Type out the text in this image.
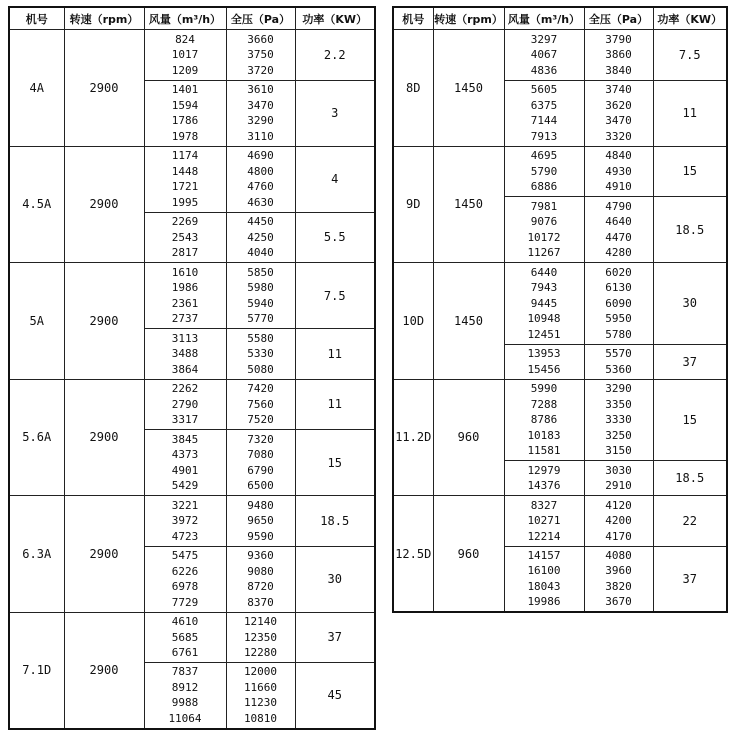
机号	转速（rpm）	风量（m³/h）	全压（Pa）	功率（KW）
4A	2900	824
1017
1209	3660
3750
3720	2.2

		1401
1594
1786
1978	3610
3470
3290
3110	3
4.5A	2900	1174
1448
1721
1995	4690
4800
4760
4630	4

		2269
2543
2817	4450
4250
4040	5.5
5A	2900	1610
1986
2361
2737	5850
5980
5940
5770	7.5

		3113
3488
3864	5580
5330
5080	11
5.6A	2900	2262
2790
3317	7420
7560
7520	11

		3845
4373
4901
5429	7320
7080
6790
6500	15
6.3A	2900	3221
3972
4723	9480
9650
9590	18.5

		5475
6226
6978
7729	9360
9080
8720
8370	30
7.1D	2900	4610
5685
6761	12140
12350
12280	37

		7837
8912
9988
11064	12000
11660
11230
10810	45
机号	转速（rpm）	风量（m³/h）	全压（Pa）	功率（KW）
8D	1450	3297
4067
4836	3790
3860
3840	7.5

		5605
6375
7144
7913	3740
3620
3470
3320	11
9D	1450	4695
5790
6886	4840
4930
4910	15

		7981
9076
10172
11267	4790
4640
4470
4280	18.5
10D	1450	6440
7943
9445
10948
12451	6020
6130
6090
5950
5780	30

		13953
15456	5570
5360	37
11.2D	960	5990
7288
8786
10183
11581	3290
3350
3330
3250
3150	15

		12979
14376	3030
2910	18.5
12.5D	960	8327
10271
12214	4120
4200
4170	22

		14157
16100
18043
19986	4080
3960
3820
3670	37
